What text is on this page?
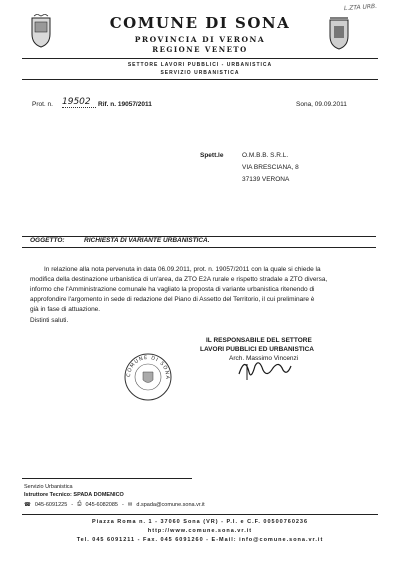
L.ZTA URB.
COMUNE DI SONA
PROVINCIA DI VERONA
REGIONE VENETO
SETTORE LAVORI PUBBLICI - URBANISTICA
SERVIZIO URBANISTICA
Prot. n. 19502	Rif. n. 19057/2011	Sona, 09.09.2011
Spett.le	O.M.B.B. S.R.L.
VIA BRESCIANA, 8
37139 VERONA
OGGETTO:	RICHIESTA DI VARIANTE URBANISTICA.
In relazione alla nota pervenuta in data 06.09.2011, prot. n. 19057/2011 con la quale si chiede la
modifica della destinazione urbanistica di un'area, da ZTO E2A rurale e rispetto stradale a ZTO diversa,
informo che l'Amministrazione comunale ha vagliato la proposta di variante urbanistica ritenendo di
approfondire l'argomento in sede di redazione del Piano di Assetto del Territorio, il cui preliminare è
già in fase di attuazione.
Distinti saluti.
IL RESPONSABILE DEL SETTORE
LAVORI PUBBLICI ED URBANISTICA
Arch. Massimo Vincenzi
COMUNE DI SONA
Servizio Urbanistica
Istruttore Tecnico: SPADA DOMENICO
☎ 045-6091225 - ⎙ 045-6082085 - ✉ d.spada@comune.sona.vr.it
Piazza Roma n. 1 - 37060 Sona (VR) - P.I. e C.F. 00500760236
http://www.comune.sona.vr.it
Tel. 045 6091211 - Fax. 045 6091260 - E-Mail: info@comune.sona.vr.it
